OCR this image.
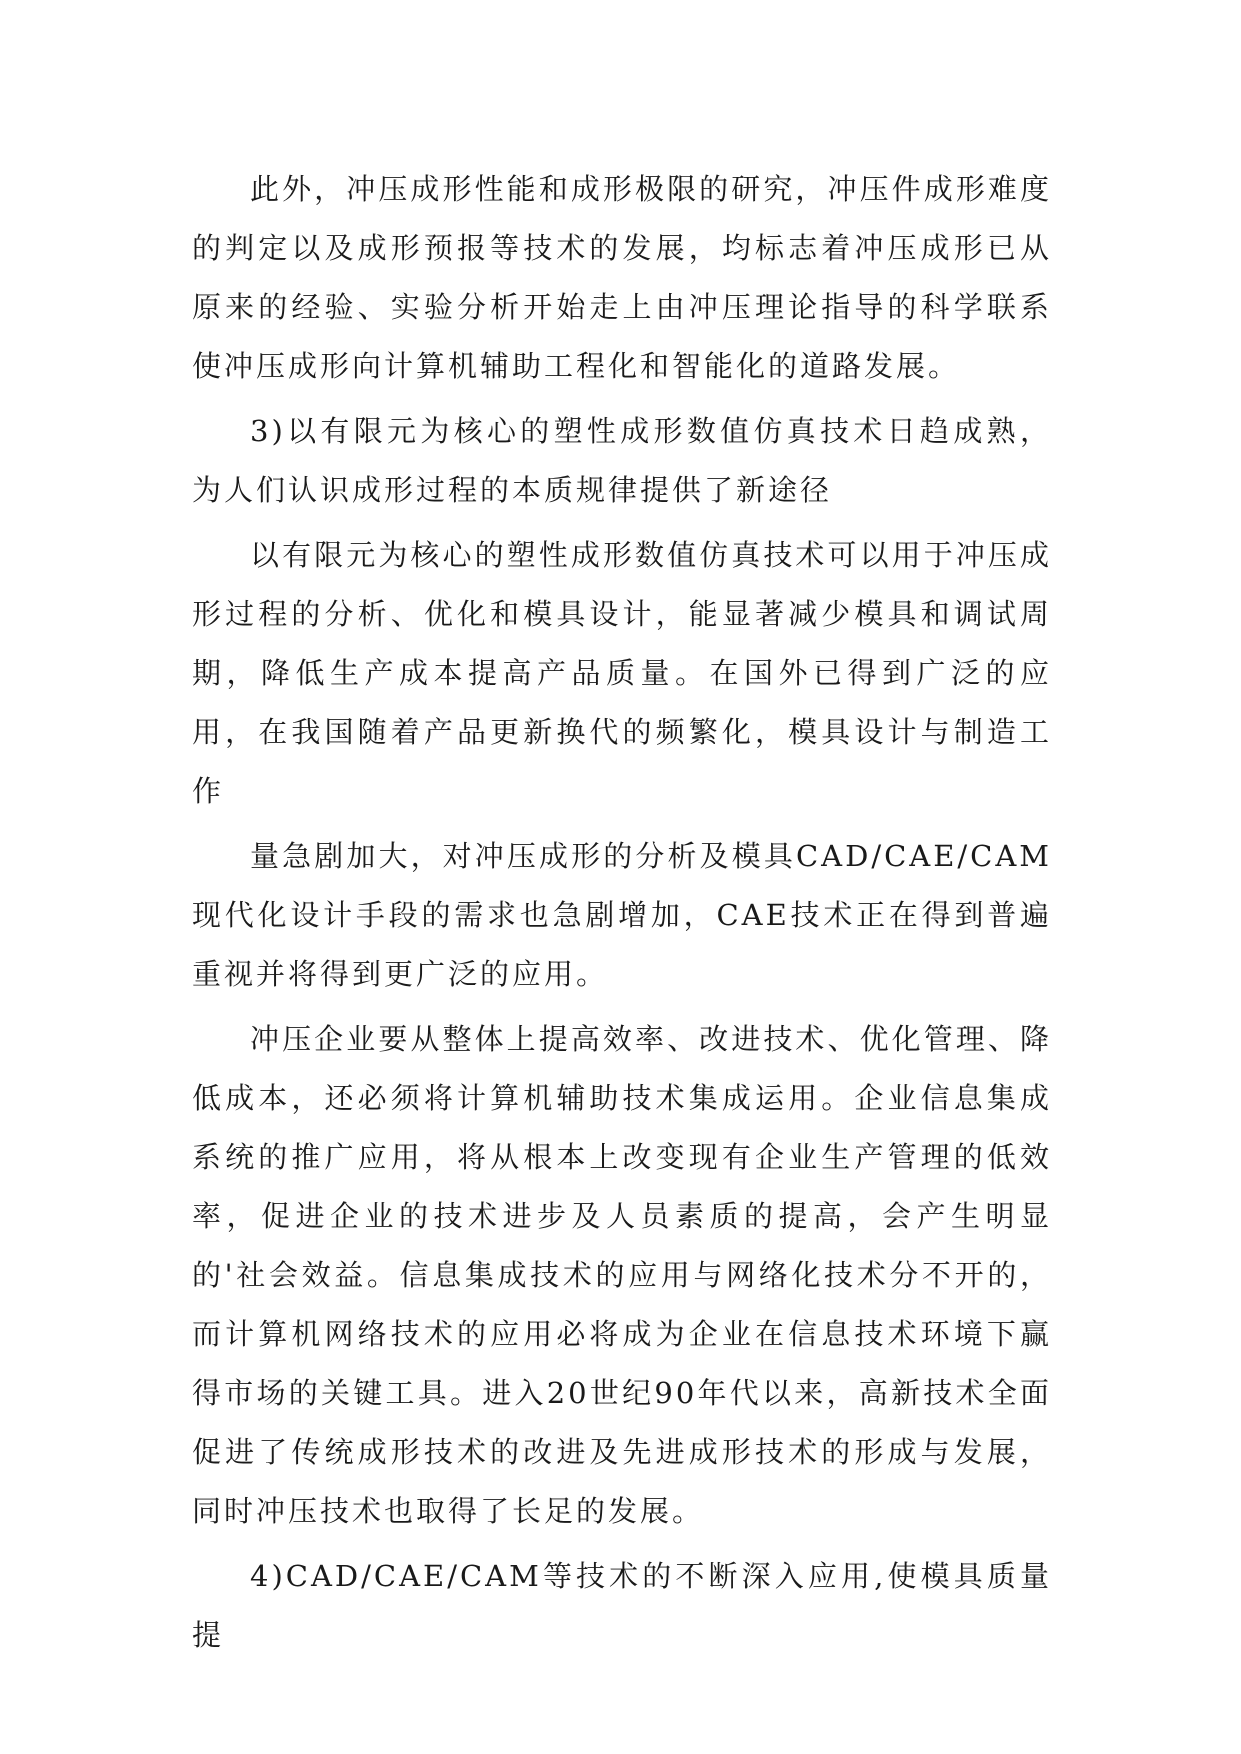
此外，冲压成形性能和成形极限的研究，冲压件成形难度的判定以及成形预报等技术的发展，均标志着冲压成形已从原来的经验、实验分析开始走上由冲压理论指导的科学联系使冲压成形向计算机辅助工程化和智能化的道路发展。

3)以有限元为核心的塑性成形数值仿真技术日趋成熟，为人们认识成形过程的本质规律提供了新途径

以有限元为核心的塑性成形数值仿真技术可以用于冲压成形过程的分析、优化和模具设计，能显著减少模具和调试周期，降低生产成本提高产品质量。在国外已得到广泛的应用，在我国随着产品更新换代的频繁化，模具设计与制造工作

量急剧加大，对冲压成形的分析及模具CAD/CAE/CAM现代化设计手段的需求也急剧增加，CAE技术正在得到普遍重视并将得到更广泛的应用。

冲压企业要从整体上提高效率、改进技术、优化管理、降低成本，还必须将计算机辅助技术集成运用。企业信息集成系统的推广应用，将从根本上改变现有企业生产管理的低效率，促进企业的技术进步及人员素质的提高，会产生明显的'社会效益。信息集成技术的应用与网络化技术分不开的，而计算机网络技术的应用必将成为企业在信息技术环境下赢得市场的关键工具。进入20世纪90年代以来，高新技术全面促进了传统成形技术的改进及先进成形技术的形成与发展，同时冲压技术也取得了长足的发展。

4)CAD/CAE/CAM等技术的不断深入应用,使模具质量提
